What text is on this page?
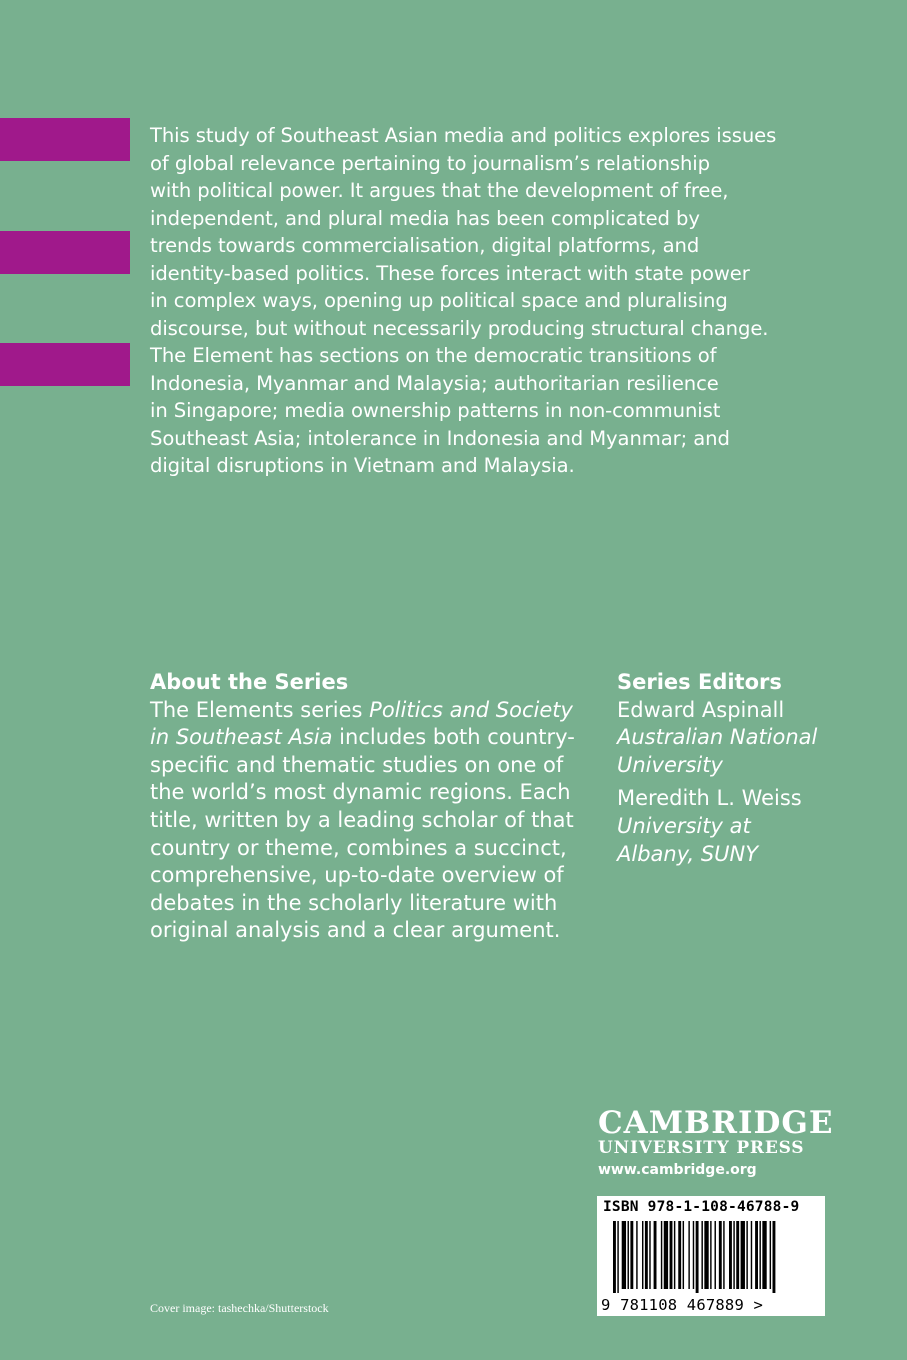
This study of Southeast Asian media and politics explores issues
of global relevance pertaining to journalism’s relationship
with political power. It argues that the development of free,
independent, and plural media has been complicated by
trends towards commercialisation, digital platforms, and
identity-based politics. These forces interact with state power
in complex ways, opening up political space and pluralising
discourse, but without necessarily producing structural change.
The Element has sections on the democratic transitions of
Indonesia, Myanmar and Malaysia; authoritarian resilience
in Singapore; media ownership patterns in non-communist
Southeast Asia; intolerance in Indonesia and Myanmar; and
digital disruptions in Vietnam and Malaysia.
About the Series
The Elements series Politics and Society
in Southeast Asia includes both country-
specific and thematic studies on one of
the world’s most dynamic regions. Each
title, written by a leading scholar of that
country or theme, combines a succinct,
comprehensive, up-to-date overview of
debates in the scholarly literature with
original analysis and a clear argument.
Series Editors
Edward Aspinall
Australian National
University
Meredith L. Weiss
University at
Albany, SUNY
CAMBRIDGE
UNIVERSITY PRESS
www.cambridge.org
ISBN 978-1-108-46788-9
9 781108 467889 >
Cover image: tashechka/Shutterstock
